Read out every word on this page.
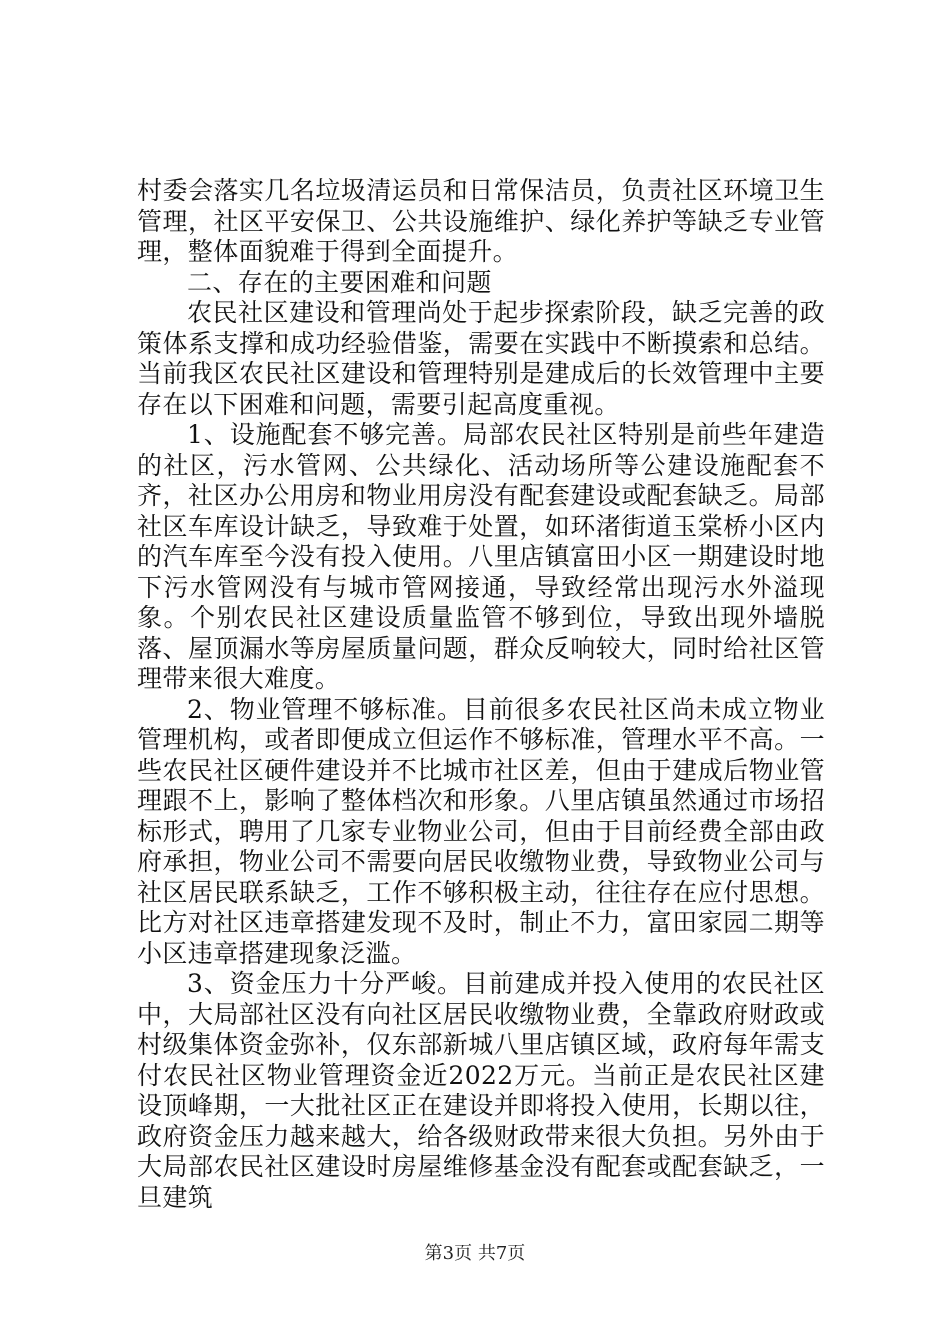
村委会落实几名垃圾清运员和日常保洁员，负责社区环境卫生管理，社区平安保卫、公共设施维护、绿化养护等缺乏专业管理，整体面貌难于得到全面提升。

二、存在的主要困难和问题

农民社区建设和管理尚处于起步探索阶段，缺乏完善的政策体系支撑和成功经验借鉴，需要在实践中不断摸索和总结。当前我区农民社区建设和管理特别是建成后的长效管理中主要存在以下困难和问题，需要引起高度重视。

1、设施配套不够完善。局部农民社区特别是前些年建造的社区，污水管网、公共绿化、活动场所等公建设施配套不齐，社区办公用房和物业用房没有配套建设或配套缺乏。局部社区车库设计缺乏，导致难于处置，如环渚街道玉棠桥小区内的汽车库至今没有投入使用。八里店镇富田小区一期建设时地下污水管网没有与城市管网接通，导致经常出现污水外溢现象。个别农民社区建设质量监管不够到位，导致出现外墙脱落、屋顶漏水等房屋质量问题，群众反响较大，同时给社区管理带来很大难度。

2、物业管理不够标准。目前很多农民社区尚未成立物业管理机构，或者即便成立但运作不够标准，管理水平不高。一些农民社区硬件建设并不比城市社区差，但由于建成后物业管理跟不上，影响了整体档次和形象。八里店镇虽然通过市场招标形式，聘用了几家专业物业公司，但由于目前经费全部由政府承担，物业公司不需要向居民收缴物业费，导致物业公司与社区居民联系缺乏，工作不够积极主动，往往存在应付思想。比方对社区违章搭建发现不及时，制止不力，富田家园二期等小区违章搭建现象泛滥。

3、资金压力十分严峻。目前建成并投入使用的农民社区中，大局部社区没有向社区居民收缴物业费，全靠政府财政或村级集体资金弥补，仅东部新城八里店镇区域，政府每年需支付农民社区物业管理资金近2022万元。当前正是农民社区建设顶峰期，一大批社区正在建设并即将投入使用，长期以往，政府资金压力越来越大，给各级财政带来很大负担。另外由于大局部农民社区建设时房屋维修基金没有配套或配套缺乏，一旦建筑

第3页 共7页
